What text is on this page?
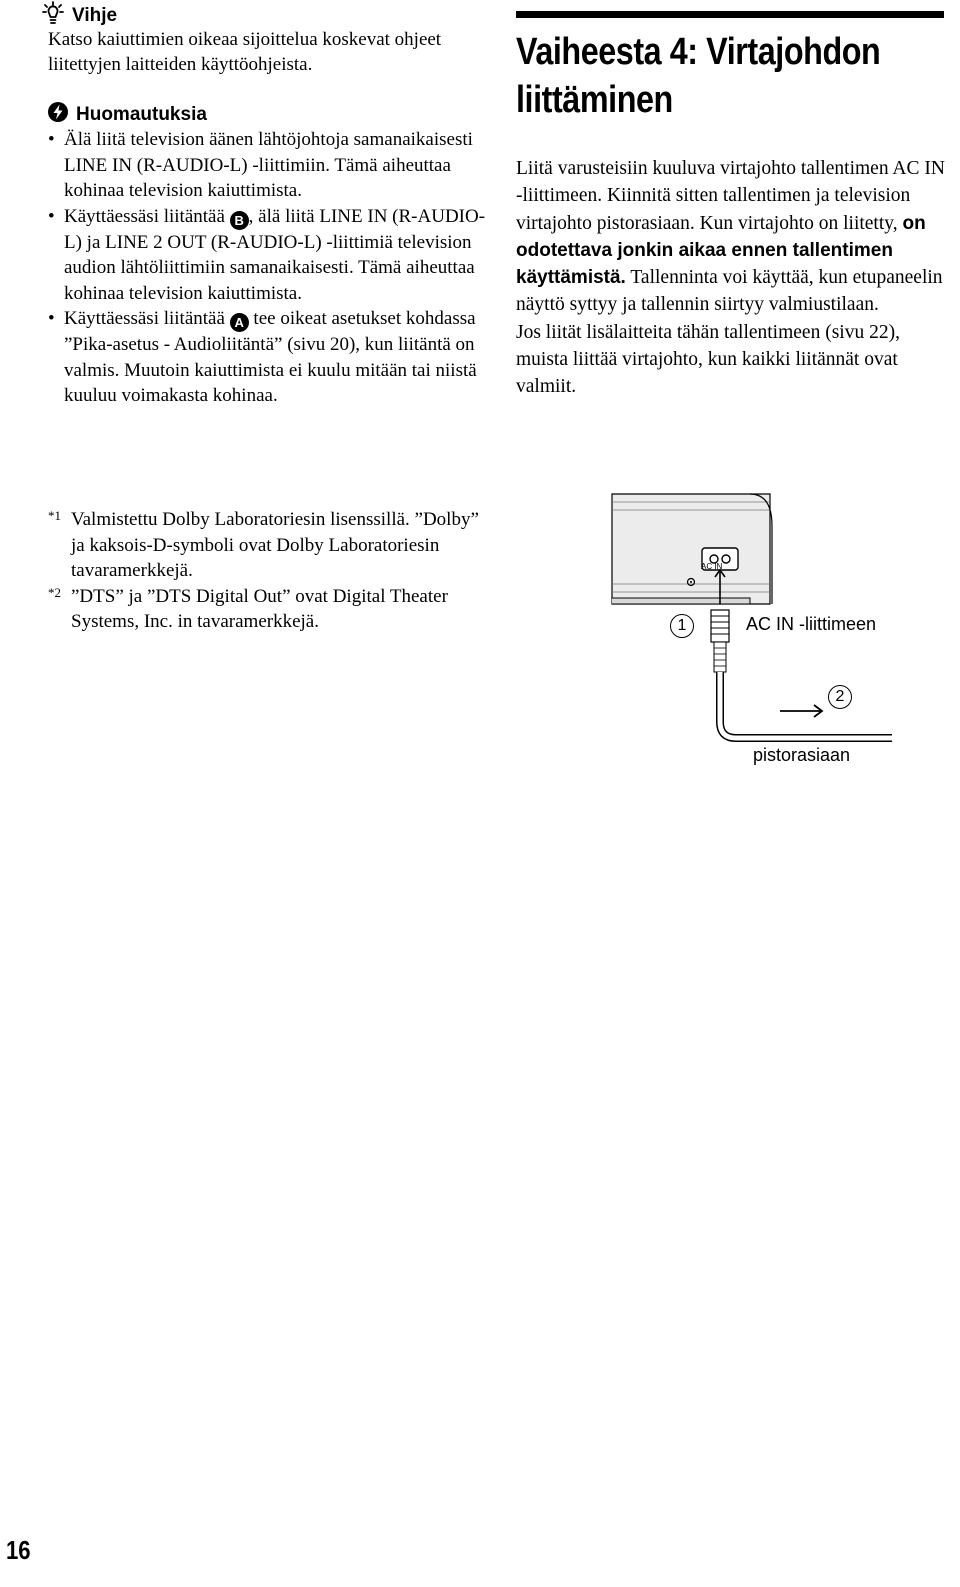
Vihje
Katso kaiuttimien oikeaa sijoittelua koskevat ohjeet liitettyjen laitteiden käyttöohjeista.
Huomautuksia
• Älä liitä television äänen lähtöjohtoja samanaikaisesti LINE IN (R-AUDIO-L) -liittimiin. Tämä aiheuttaa kohinaa television kaiuttimista.
• Käyttäessäsi liitäntää B , älä liitä LINE IN (R-AUDIO-L) ja LINE 2 OUT (R-AUDIO-L) -liittimiä television audion lähtöliittimiin samanaikaisesti. Tämä aiheuttaa kohinaa television kaiuttimista.
• Käyttäessäsi liitäntää A tee oikeat asetukset kohdassa ”Pika-asetus - Audioliitäntä” (sivu 20), kun liitäntä on valmis. Muutoin kaiuttimista ei kuulu mitään tai niistä kuuluu voimakasta kohinaa.
*1 Valmistettu Dolby Laboratoriesin lisenssillä. ”Dolby” ja kaksois-D-symboli ovat Dolby Laboratoriesin tavaramerkkejä.
*2 ”DTS” ja ”DTS Digital Out” ovat Digital Theater Systems, Inc. in tavaramerkkejä.
Vaiheesta 4: Virtajohdon liittäminen
Liitä varusteisiin kuuluva virtajohto tallentimen AC IN -liittimeen. Kiinnitä sitten tallentimen ja television virtajohto pistorasiaan. Kun virtajohto on liitetty, on odotettava jonkin aikaa ennen tallentimen käyttämistä. Tallenninta voi käyttää, kun etupaneelin näyttö syttyy ja tallennin siirtyy valmiustilaan.
Jos liität lisälaitteita tähän tallentimeen (sivu 22), muista liittää virtajohto, kun kaikki liitännät ovat valmiit.
AC IN
1	AC IN -liittimeen
2
pistorasiaan
16
